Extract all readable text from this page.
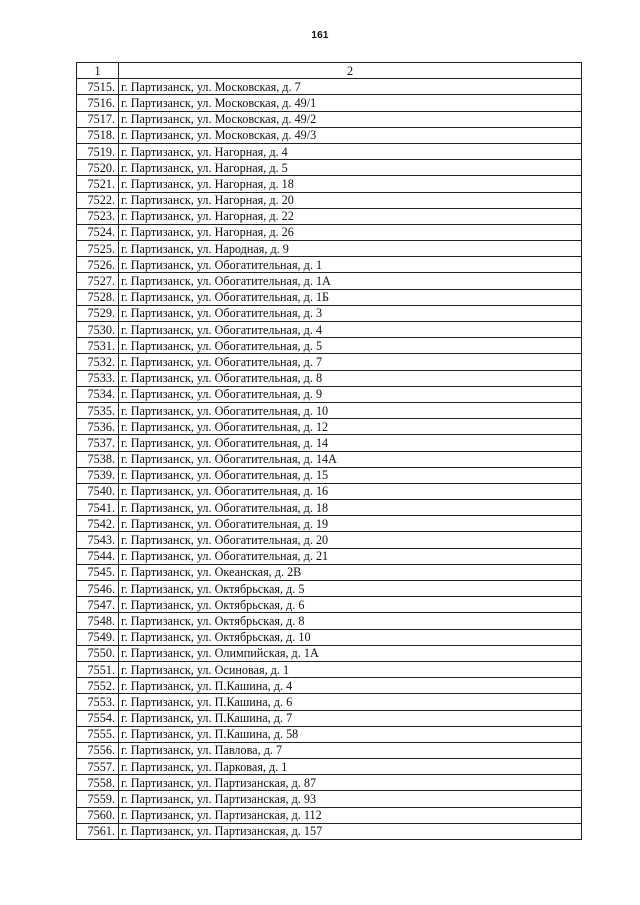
161
1	2
7515.	г. Партизанск, ул. Московская, д. 7
7516.	г. Партизанск, ул. Московская, д. 49/1
7517.	г. Партизанск, ул. Московская, д. 49/2
7518.	г. Партизанск, ул. Московская, д. 49/3
7519.	г. Партизанск, ул. Нагорная, д. 4
7520.	г. Партизанск, ул. Нагорная, д. 5
7521.	г. Партизанск, ул. Нагорная, д. 18
7522.	г. Партизанск, ул. Нагорная, д. 20
7523.	г. Партизанск, ул. Нагорная, д. 22
7524.	г. Партизанск, ул. Нагорная, д. 26
7525.	г. Партизанск, ул. Народная, д. 9
7526.	г. Партизанск, ул. Обогатительная, д. 1
7527.	г. Партизанск, ул. Обогатительная, д. 1А
7528.	г. Партизанск, ул. Обогатительная, д. 1Б
7529.	г. Партизанск, ул. Обогатительная, д. 3
7530.	г. Партизанск, ул. Обогатительная, д. 4
7531.	г. Партизанск, ул. Обогатительная, д. 5
7532.	г. Партизанск, ул. Обогатительная, д. 7
7533.	г. Партизанск, ул. Обогатительная, д. 8
7534.	г. Партизанск, ул. Обогатительная, д. 9
7535.	г. Партизанск, ул. Обогатительная, д. 10
7536.	г. Партизанск, ул. Обогатительная, д. 12
7537.	г. Партизанск, ул. Обогатительная, д. 14
7538.	г. Партизанск, ул. Обогатительная, д. 14А
7539.	г. Партизанск, ул. Обогатительная, д. 15
7540.	г. Партизанск, ул. Обогатительная, д. 16
7541.	г. Партизанск, ул. Обогатительная, д. 18
7542.	г. Партизанск, ул. Обогатительная, д. 19
7543.	г. Партизанск, ул. Обогатительная, д. 20
7544.	г. Партизанск, ул. Обогатительная, д. 21
7545.	г. Партизанск, ул. Океанская, д. 2В
7546.	г. Партизанск, ул. Октябрьская, д. 5
7547.	г. Партизанск, ул. Октябрьская, д. 6
7548.	г. Партизанск, ул. Октябрьская, д. 8
7549.	г. Партизанск, ул. Октябрьская, д. 10
7550.	г. Партизанск, ул. Олимпийская, д. 1А
7551.	г. Партизанск, ул. Осиновая, д. 1
7552.	г. Партизанск, ул. П.Кашина, д. 4
7553.	г. Партизанск, ул. П.Кашина, д. 6
7554.	г. Партизанск, ул. П.Кашина, д. 7
7555.	г. Партизанск, ул. П.Кашина, д. 58
7556.	г. Партизанск, ул. Павлова, д. 7
7557.	г. Партизанск, ул. Парковая, д. 1
7558.	г. Партизанск, ул. Партизанская, д. 87
7559.	г. Партизанск, ул. Партизанская, д. 93
7560.	г. Партизанск, ул. Партизанская, д. 112
7561.	г. Партизанск, ул. Партизанская, д. 157
